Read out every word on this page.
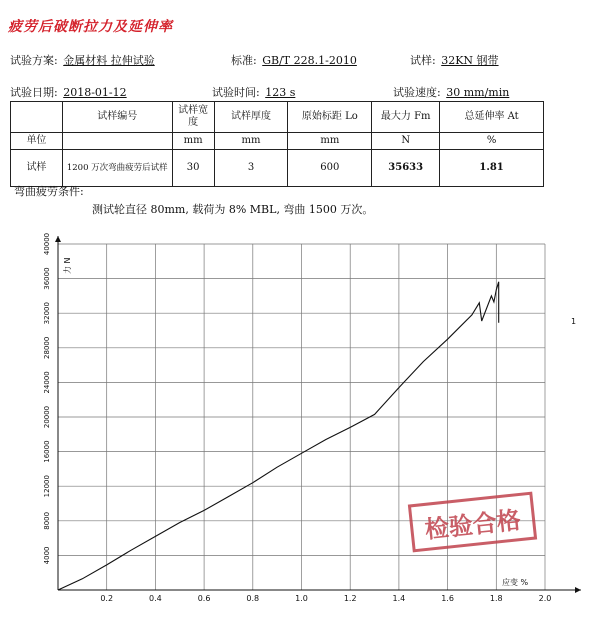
疲劳后破断拉力及延伸率
试验方案: 金属材料 拉伸试验	标准: GB/T 228.1-2010	试样: 32KN 钢带
试验日期: 2018-01-12	试验时间: 123 s	试验速度: 30 mm/min
	试样编号	试样宽度	试样厚度	原始标距 Lo	最大力 Fm	总延伸率 At
单位		mm	mm	mm	N	%
试样	1200 万次弯曲疲劳后试样	30	3	600	35633	1.81
弯曲疲劳条件:
测试轮直径 80mm, 载荷为 8% MBL, 弯曲 1500 万次。
0.2	0.4	0.6	0.8	1.0	1.2	1.4	1.6	1.8	2.0
4000
8000
12000
16000
20000
24000
28000
32000
36000
40000
力 N
应变 %
1
检验合格
